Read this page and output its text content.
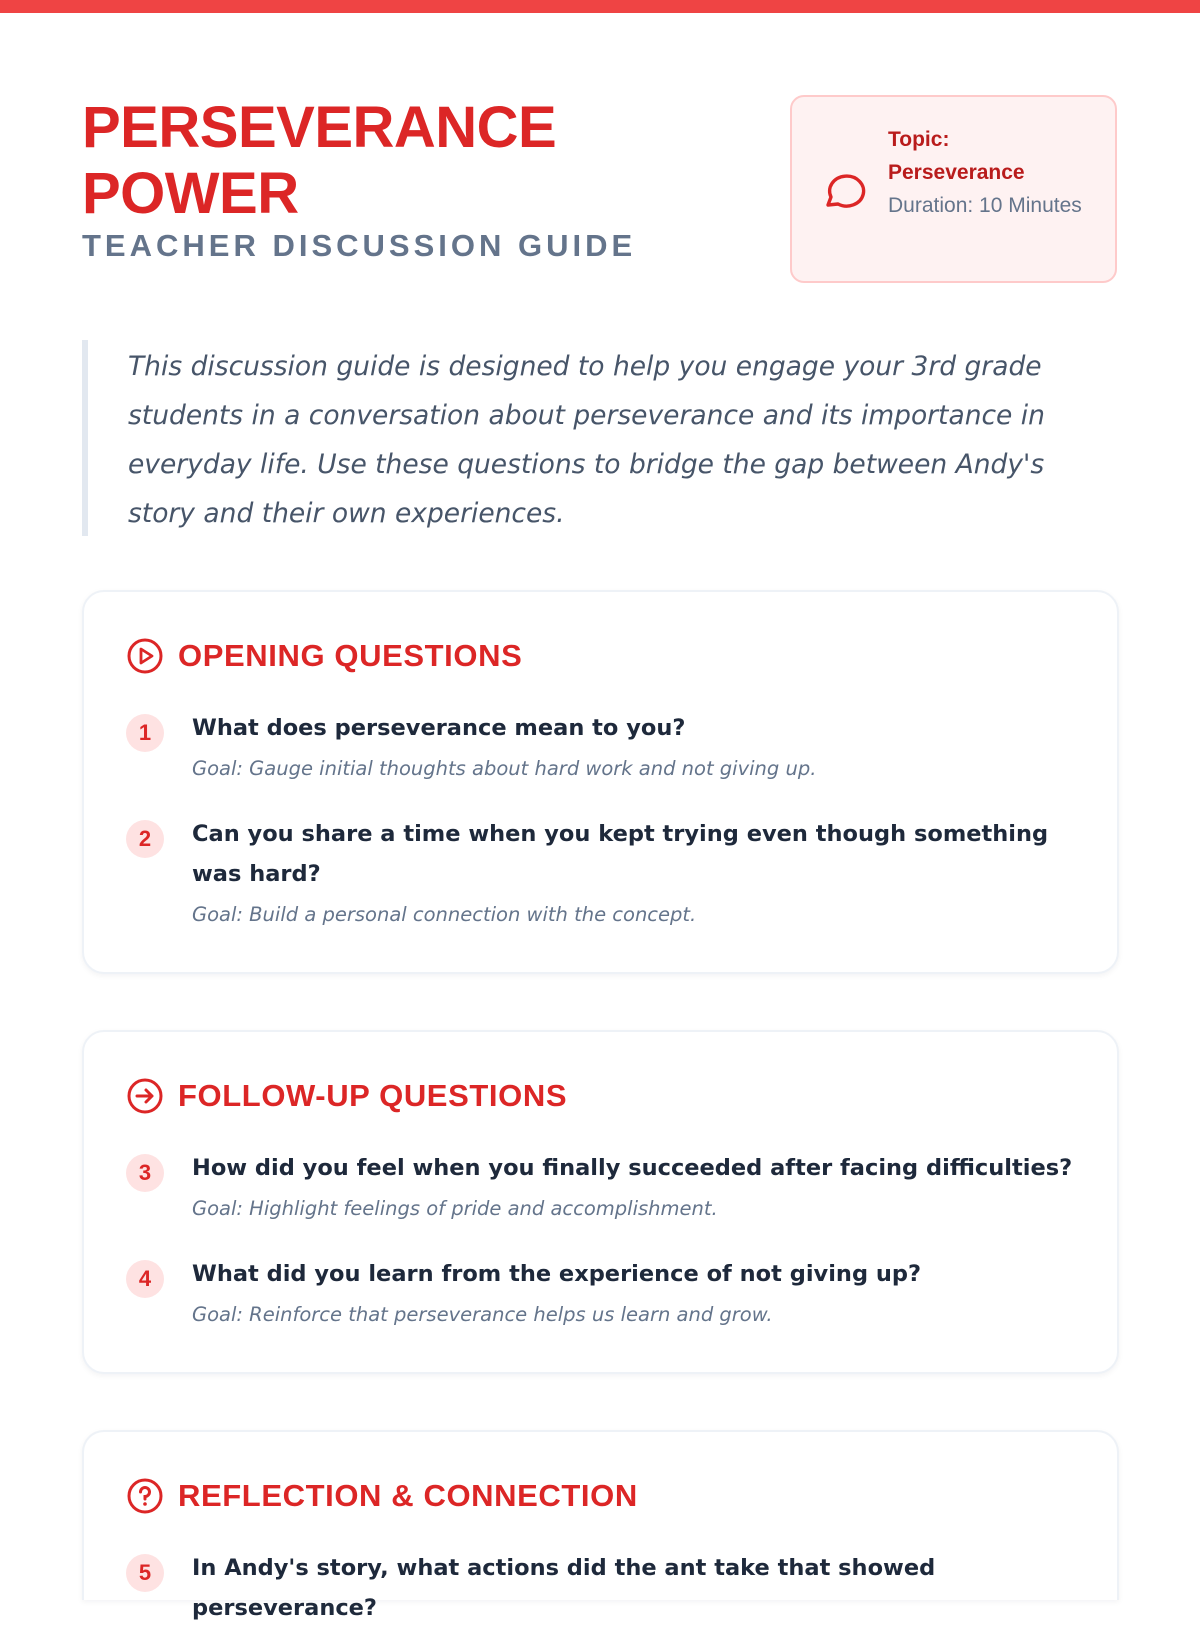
PERSEVERANCE POWER
TEACHER DISCUSSION GUIDE
Topic:
Perseverance
Duration: 10 Minutes

This discussion guide is designed to help you engage your 3rd grade students in a conversation about perseverance and its importance in everyday life. Use these questions to bridge the gap between Andy's story and their own experiences.

OPENING QUESTIONS
1	What does perseverance mean to you?
Goal: Gauge initial thoughts about hard work and not giving up.
2	Can you share a time when you kept trying even though something was hard?
Goal: Build a personal connection with the concept.
FOLLOW-UP QUESTIONS
3	How did you feel when you finally succeeded after facing difficulties?
Goal: Highlight feelings of pride and accomplishment.
4	What did you learn from the experience of not giving up?
Goal: Reinforce that perseverance helps us learn and grow.
REFLECTION & CONNECTION
5	In Andy's story, what actions did the ant take that showed perseverance?
